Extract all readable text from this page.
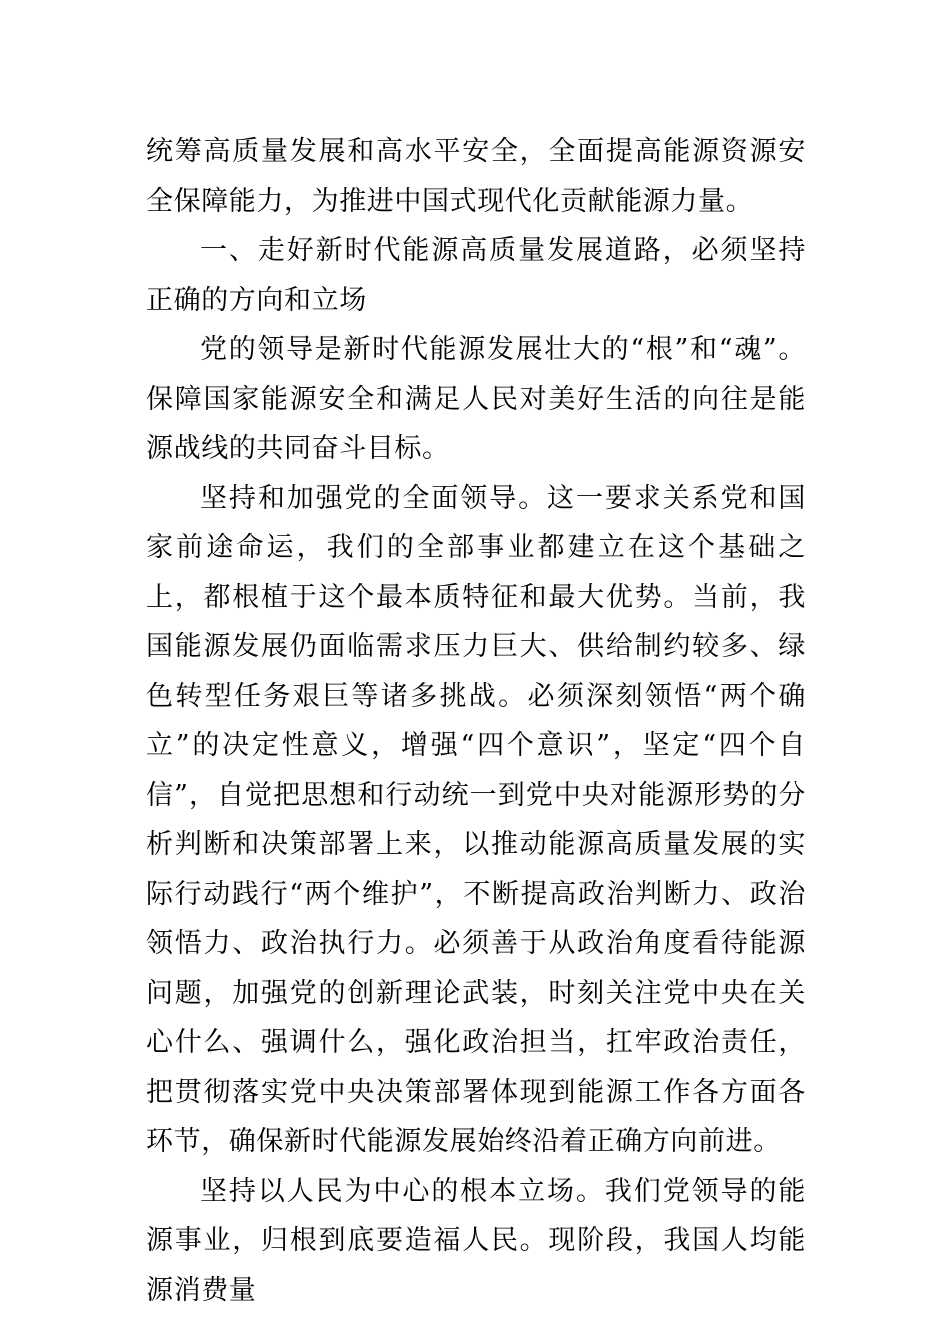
统筹高质量发展和高水平安全，全面提高能源资源安全保障能力，为推进中国式现代化贡献能源力量。

一、走好新时代能源高质量发展道路，必须坚持正确的方向和立场

党的领导是新时代能源发展壮大的“根”和“魂”。保障国家能源安全和满足人民对美好生活的向往是能源战线的共同奋斗目标。

坚持和加强党的全面领导。这一要求关系党和国家前途命运，我们的全部事业都建立在这个基础之上，都根植于这个最本质特征和最大优势。当前，我国能源发展仍面临需求压力巨大、供给制约较多、绿色转型任务艰巨等诸多挑战。必须深刻领悟“两个确立”的决定性意义，增强“四个意识”，坚定“四个自信”，自觉把思想和行动统一到党中央对能源形势的分析判断和决策部署上来，以推动能源高质量发展的实际行动践行“两个维护”，不断提高政治判断力、政治领悟力、政治执行力。必须善于从政治角度看待能源问题，加强党的创新理论武装，时刻关注党中央在关心什么、强调什么，强化政治担当，扛牢政治责任，把贯彻落实党中央决策部署体现到能源工作各方面各环节，确保新时代能源发展始终沿着正确方向前进。

坚持以人民为中心的根本立场。我们党领导的能源事业，归根到底要造福人民。现阶段，我国人均能源消费量
